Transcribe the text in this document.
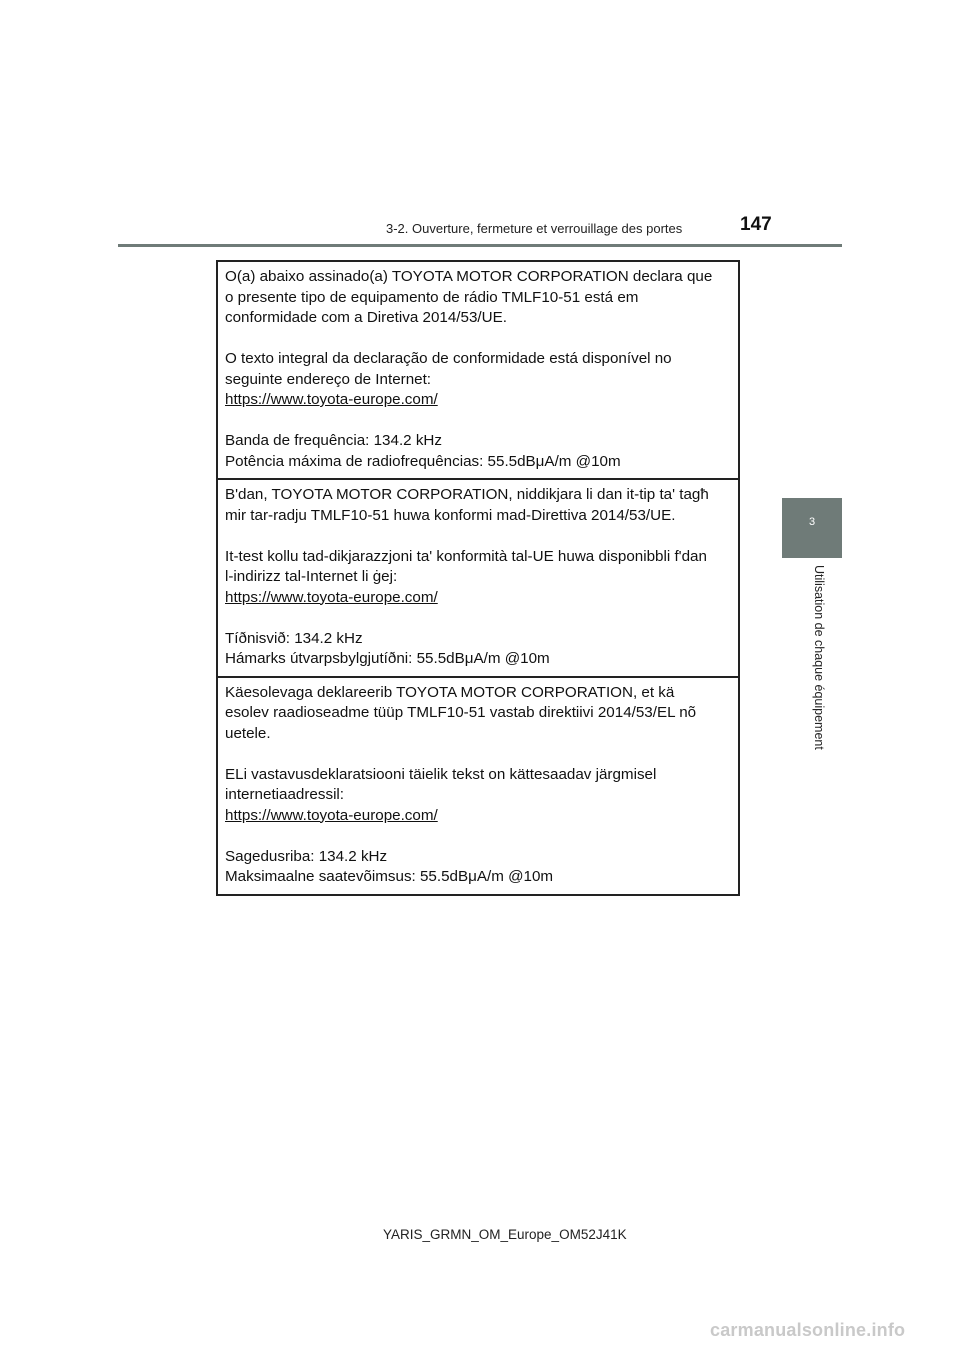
3-2. Ouverture, fermeture et verrouillage des portes	147
3
Utilisation de chaque équipement

O(a) abaixo assinado(a) TOYOTA MOTOR CORPORATION declara que
o presente tipo de equipamento de rádio TMLF10-51 está em
conformidade com a Diretiva 2014/53/UE.

O texto integral da declaração de conformidade está disponível no
seguinte endereço de Internet:
https://www.toyota-europe.com/

Banda de frequência: 134.2 kHz
Potência máxima de radiofrequências: 55.5dBμA/m @10m

B'dan, TOYOTA MOTOR CORPORATION, niddikjara li dan it-tip ta' tagħ
mir tar-radju TMLF10-51 huwa konformi mad-Direttiva 2014/53/UE.

It-test kollu tad-dikjarazzjoni ta' konformità tal-UE huwa disponibbli f'dan
l-indirizz tal-Internet li ġej:
https://www.toyota-europe.com/

Tíðnisvið: 134.2 kHz
Hámarks útvarpsbylgjutíðni: 55.5dBμA/m @10m

Käesolevaga deklareerib TOYOTA MOTOR CORPORATION, et kä
esolev raadioseadme tüüp TMLF10-51 vastab direktiivi 2014/53/EL nõ
uetele.

ELi vastavusdeklaratsiooni täielik tekst on kättesaadav järgmisel
internetiaadressil:
https://www.toyota-europe.com/

Sagedusriba: 134.2 kHz
Maksimaalne saatevõimsus: 55.5dBμA/m @10m

YARIS_GRMN_OM_Europe_OM52J41K
carmanualsonline.info
